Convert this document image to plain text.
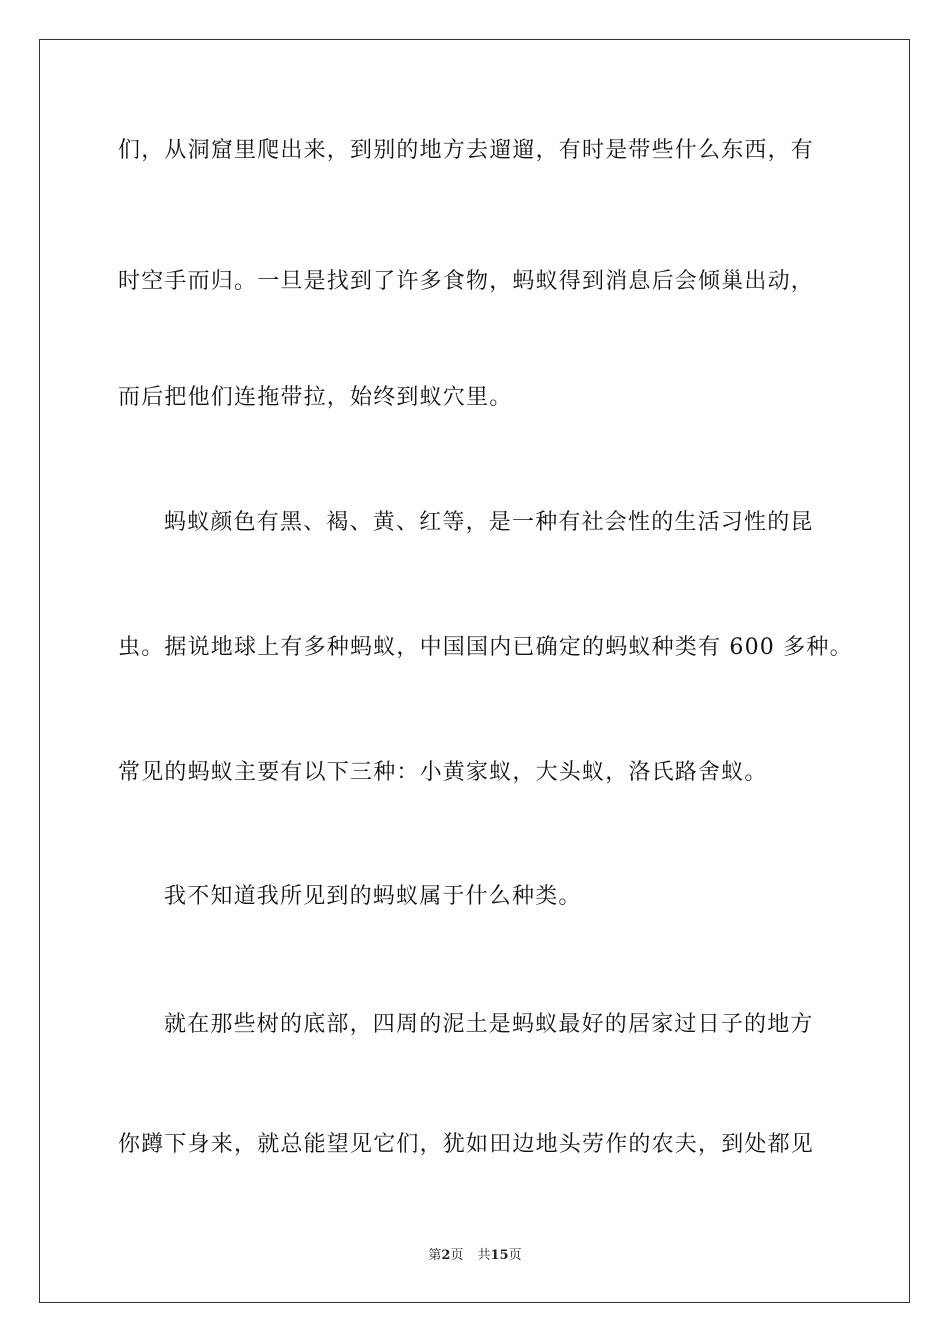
们，从洞窟里爬出来，到别的地方去遛遛，有时是带些什么东西，有
时空手而归。一旦是找到了许多食物，蚂蚁得到消息后会倾巢出动，
而后把他们连拖带拉，始终到蚁穴里。
蚂蚁颜色有黑、褐、黄、红等，是一种有社会性的生活习性的昆
虫。据说地球上有多种蚂蚁，中国国内已确定的蚂蚁种类有 600 多种。
常见的蚂蚁主要有以下三种：小黄家蚁，大头蚁，洛氏路舍蚁。
我不知道我所见到的蚂蚁属于什么种类。
就在那些树的底部，四周的泥土是蚂蚁最好的居家过日子的地方
你蹲下身来，就总能望见它们，犹如田边地头劳作的农夫，到处都见
第2页 共15页
